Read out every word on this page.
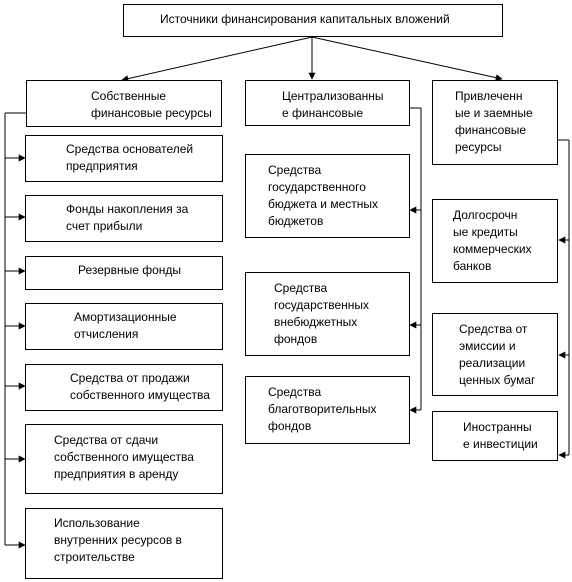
Источники финансирования капитальных вложений
Собственные
финансовые ресурсы
Средства основателей
предприятия
Фонды накопления за
счет прибыли
Резервные фонды
Амортизационные
отчисления
Средства от продажи
собственного имущества
Средства от сдачи
собственного имущества
предприятия в аренду
Использование
внутренних ресурсов в
строительстве
Централизованны
е финансовые
Средства
государственного
бюджета и местных
бюджетов
Средства
государственных
внебюджетных
фондов
Средства
благотворительных
фондов
Привлеченн
ые и заемные
финансовые
ресурсы
Долгосрочн
ые кредиты
коммерческих
банков
Средства от
эмиссии и
реализации
ценных бумаг
Иностранны
е инвестиции
